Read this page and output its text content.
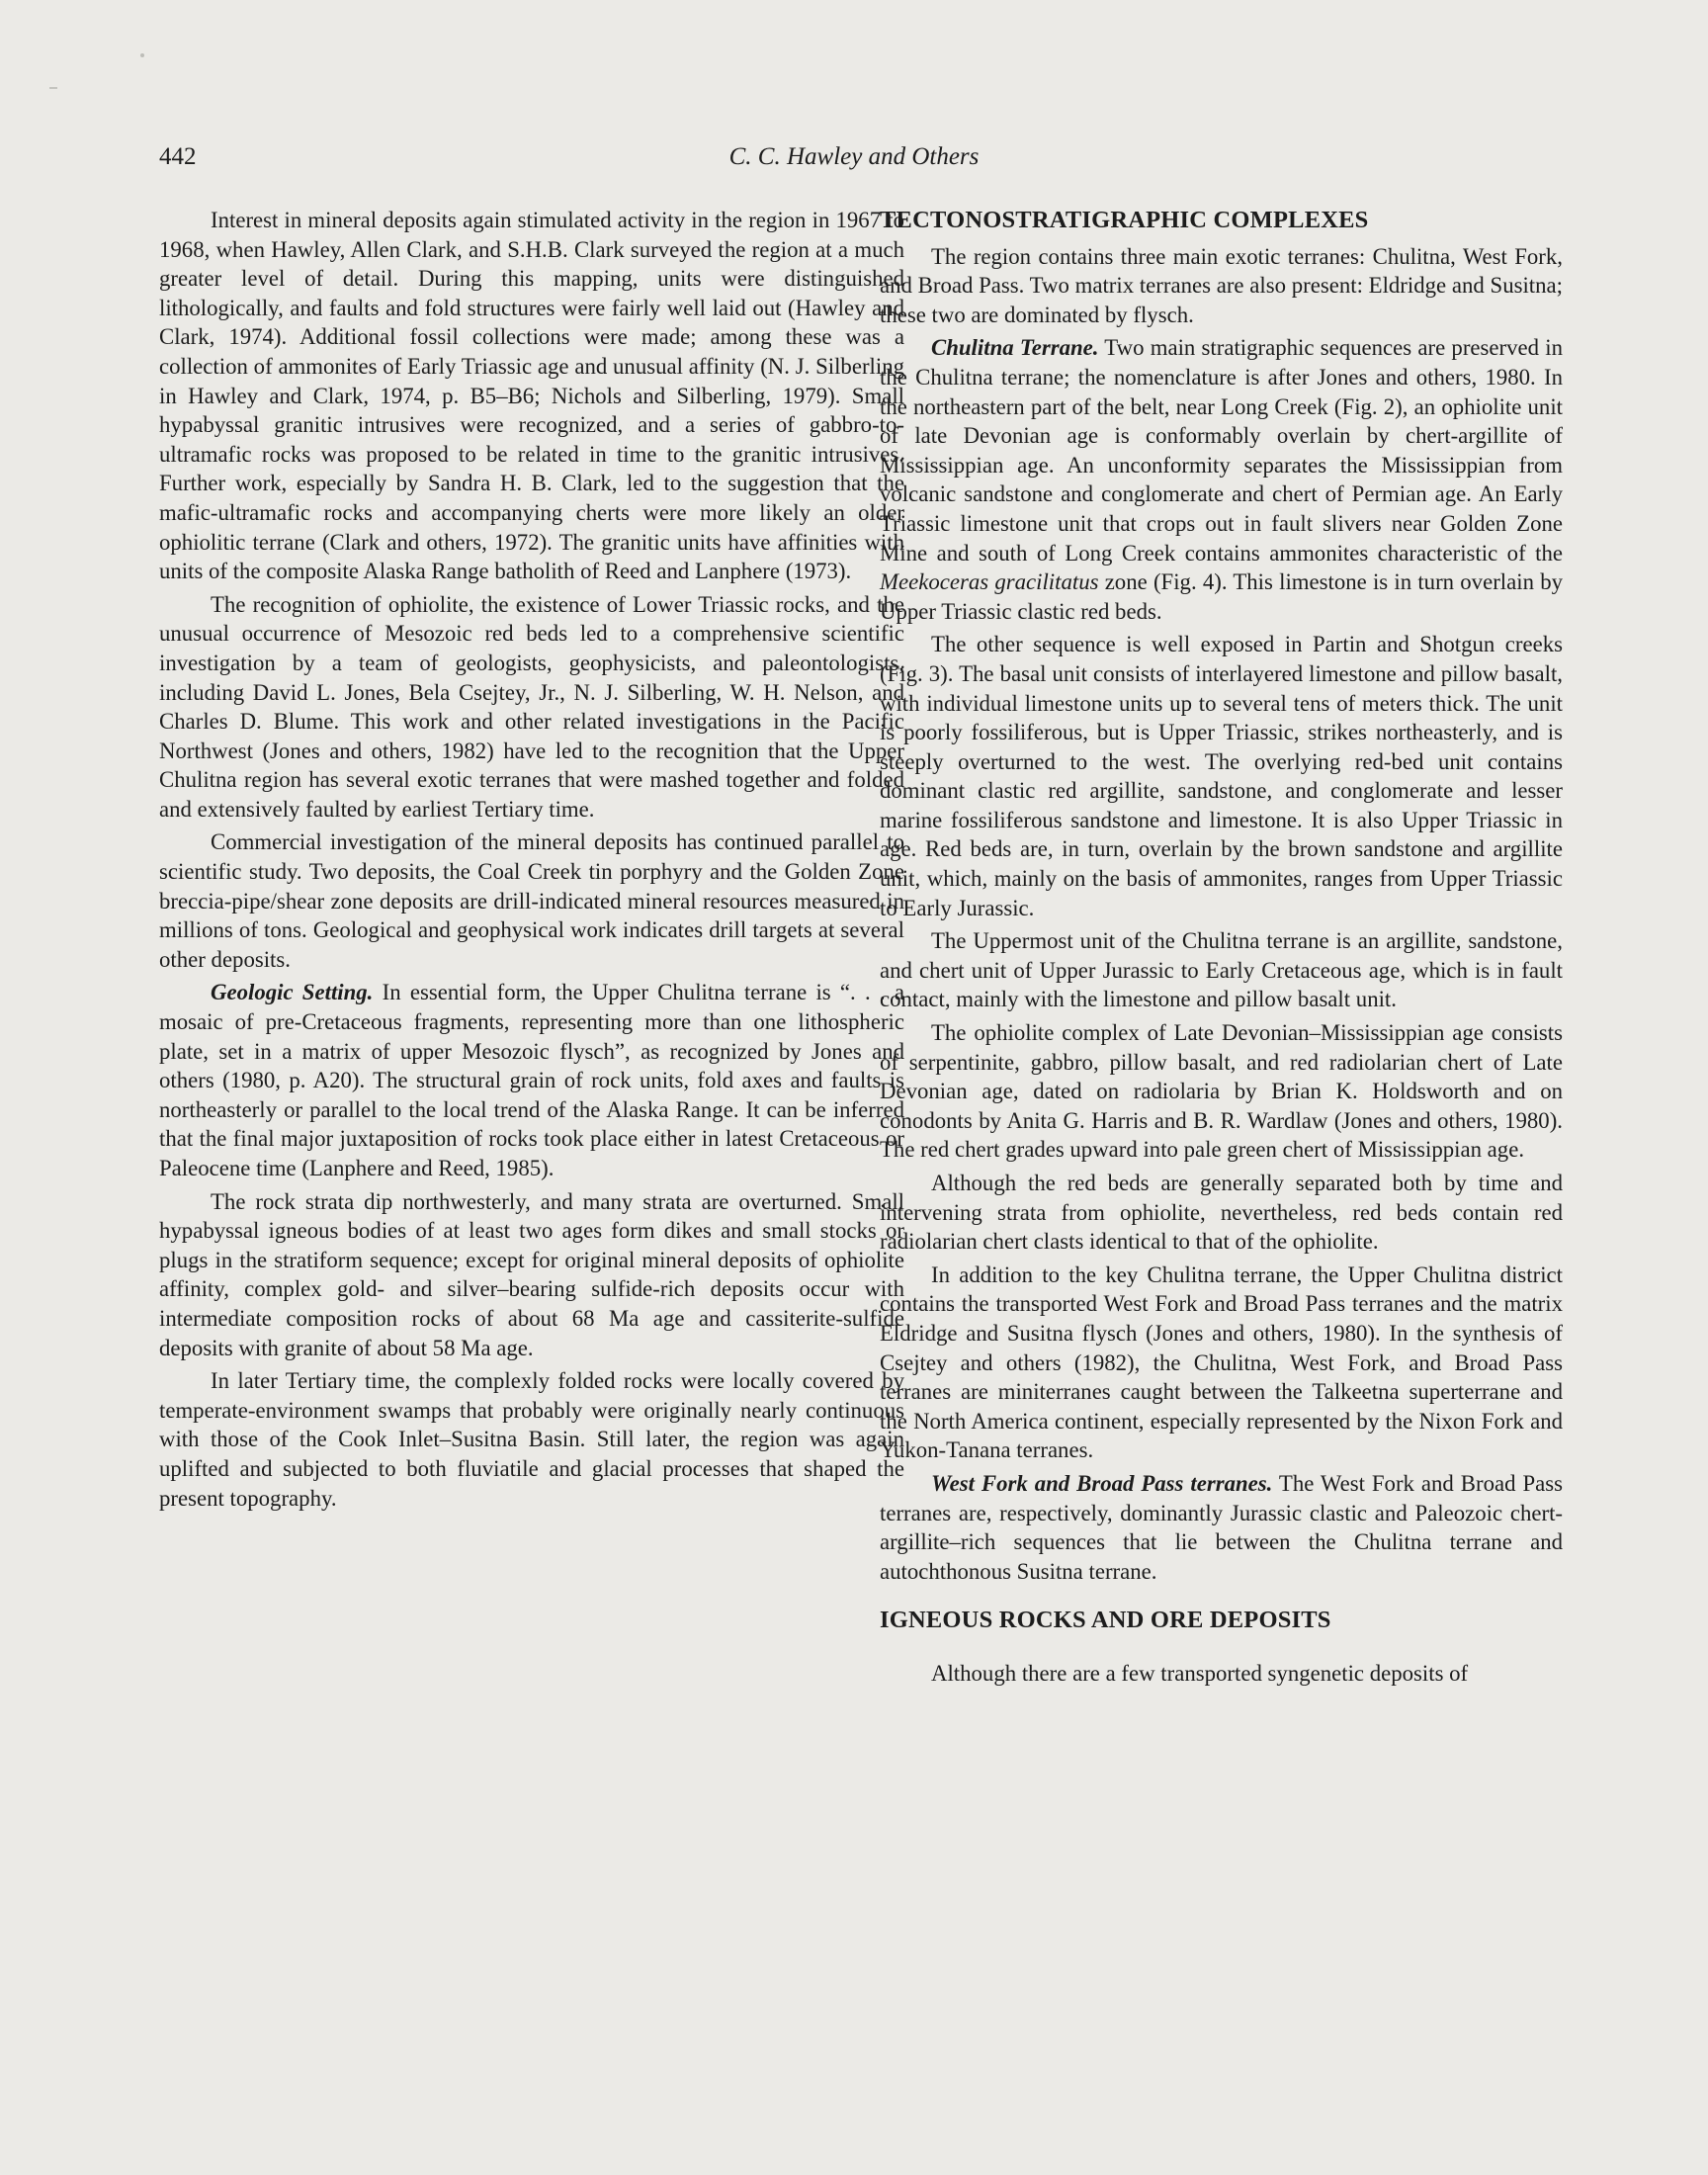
442	C. C. Hawley and Others

Interest in mineral deposits again stimulated activity in the region in 1967 to 1968, when Hawley, Allen Clark, and S.H.B. Clark surveyed the region at a much greater level of detail. During this mapping, units were distinguished lithologically, and faults and fold structures were fairly well laid out (Hawley and Clark, 1974). Additional fossil collections were made; among these was a collection of ammonites of Early Triassic age and unusual affinity (N. J. Silberling in Hawley and Clark, 1974, p. B5–B6; Nichols and Silberling, 1979). Small hypabyssal granitic intrusives were recognized, and a series of gabbro-to-ultramafic rocks was proposed to be related in time to the granitic intrusives. Further work, especially by Sandra H. B. Clark, led to the suggestion that the mafic-ultramafic rocks and accompanying cherts were more likely an older ophiolitic terrane (Clark and others, 1972). The granitic units have affinities with units of the composite Alaska Range batholith of Reed and Lanphere (1973).

The recognition of ophiolite, the existence of Lower Triassic rocks, and the unusual occurrence of Mesozoic red beds led to a comprehensive scientific investigation by a team of geologists, geophysicists, and paleontologists, including David L. Jones, Bela Csejtey, Jr., N. J. Silberling, W. H. Nelson, and Charles D. Blume. This work and other related investigations in the Pacific Northwest (Jones and others, 1982) have led to the recognition that the Upper Chulitna region has several exotic terranes that were mashed together and folded and extensively faulted by earliest Tertiary time.

Commercial investigation of the mineral deposits has continued parallel to scientific study. Two deposits, the Coal Creek tin porphyry and the Golden Zone breccia-pipe/shear zone deposits are drill-indicated mineral resources measured in millions of tons. Geological and geophysical work indicates drill targets at several other deposits.

Geologic Setting. In essential form, the Upper Chulitna terrane is “. . . a mosaic of pre-Cretaceous fragments, representing more than one lithospheric plate, set in a matrix of upper Mesozoic flysch”, as recognized by Jones and others (1980, p. A20). The structural grain of rock units, fold axes and faults is northeasterly or parallel to the local trend of the Alaska Range. It can be inferred that the final major juxtaposition of rocks took place either in latest Cretaceous or Paleocene time (Lanphere and Reed, 1985).

The rock strata dip northwesterly, and many strata are overturned. Small hypabyssal igneous bodies of at least two ages form dikes and small stocks or plugs in the stratiform sequence; except for original mineral deposits of ophiolite affinity, complex gold- and silver–bearing sulfide-rich deposits occur with intermediate composition rocks of about 68 Ma age and cassiterite-sulfide deposits with granite of about 58 Ma age.

In later Tertiary time, the complexly folded rocks were locally covered by temperate-environment swamps that probably were originally nearly continuous with those of the Cook Inlet–Susitna Basin. Still later, the region was again uplifted and subjected to both fluviatile and glacial processes that shaped the present topography.

TECTONOSTRATIGRAPHIC COMPLEXES

The region contains three main exotic terranes: Chulitna, West Fork, and Broad Pass. Two matrix terranes are also present: Eldridge and Susitna; these two are dominated by flysch.

Chulitna Terrane. Two main stratigraphic sequences are preserved in the Chulitna terrane; the nomenclature is after Jones and others, 1980. In the northeastern part of the belt, near Long Creek (Fig. 2), an ophiolite unit of late Devonian age is conformably overlain by chert-argillite of Mississippian age. An unconformity separates the Mississippian from volcanic sandstone and conglomerate and chert of Permian age. An Early Triassic limestone unit that crops out in fault slivers near Golden Zone Mine and south of Long Creek contains ammonites characteristic of the Meekoceras gracilitatus zone (Fig. 4). This limestone is in turn overlain by Upper Triassic clastic red beds.

The other sequence is well exposed in Partin and Shotgun creeks (Fig. 3). The basal unit consists of interlayered limestone and pillow basalt, with individual limestone units up to several tens of meters thick. The unit is poorly fossiliferous, but is Upper Triassic, strikes northeasterly, and is steeply overturned to the west. The overlying red-bed unit contains dominant clastic red argillite, sandstone, and conglomerate and lesser marine fossiliferous sandstone and limestone. It is also Upper Triassic in age. Red beds are, in turn, overlain by the brown sandstone and argillite unit, which, mainly on the basis of ammonites, ranges from Upper Triassic to Early Jurassic.

The Uppermost unit of the Chulitna terrane is an argillite, sandstone, and chert unit of Upper Jurassic to Early Cretaceous age, which is in fault contact, mainly with the limestone and pillow basalt unit.

The ophiolite complex of Late Devonian–Mississippian age consists of serpentinite, gabbro, pillow basalt, and red radiolarian chert of Late Devonian age, dated on radiolaria by Brian K. Holdsworth and on conodonts by Anita G. Harris and B. R. Wardlaw (Jones and others, 1980). The red chert grades upward into pale green chert of Mississippian age.

Although the red beds are generally separated both by time and intervening strata from ophiolite, nevertheless, red beds contain red radiolarian chert clasts identical to that of the ophiolite.

In addition to the key Chulitna terrane, the Upper Chulitna district contains the transported West Fork and Broad Pass terranes and the matrix Eldridge and Susitna flysch (Jones and others, 1980). In the synthesis of Csejtey and others (1982), the Chulitna, West Fork, and Broad Pass terranes are miniterranes caught between the Talkeetna superterrane and the North America continent, especially represented by the Nixon Fork and Yukon-Tanana terranes.

West Fork and Broad Pass terranes. The West Fork and Broad Pass terranes are, respectively, dominantly Jurassic clastic and Paleozoic chert-argillite–rich sequences that lie between the Chulitna terrane and autochthonous Susitna terrane.

IGNEOUS ROCKS AND ORE DEPOSITS

Although there are a few transported syngenetic deposits of
